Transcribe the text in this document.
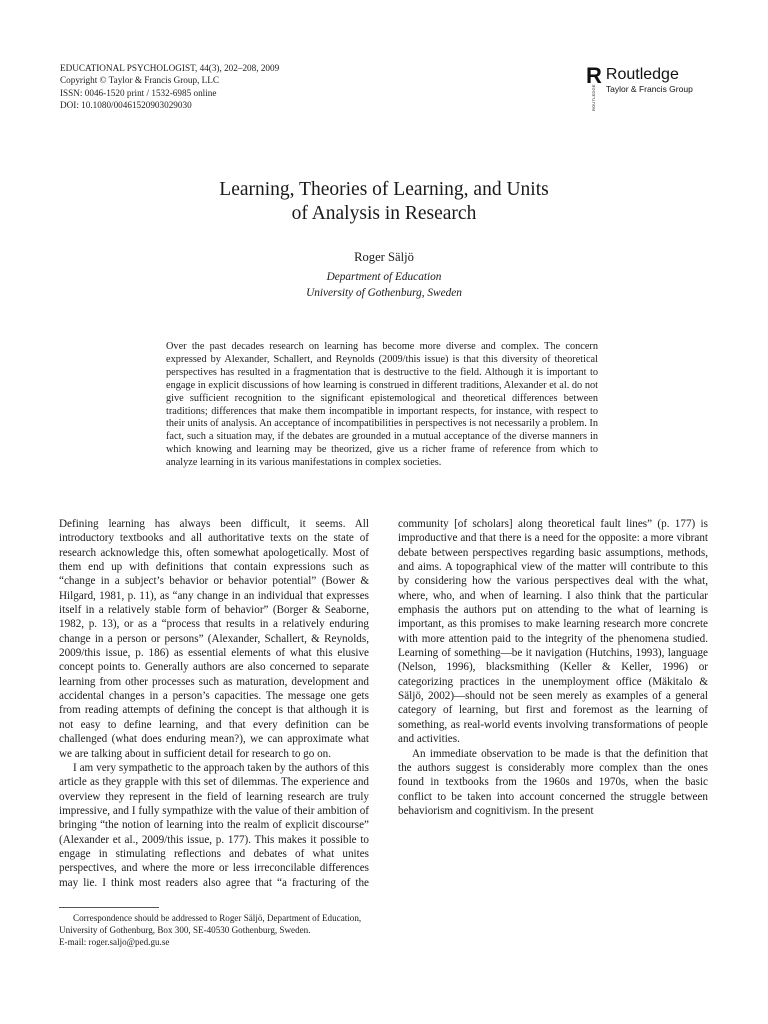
EDUCATIONAL PSYCHOLOGIST, 44(3), 202–208, 2009
Copyright © Taylor & Francis Group, LLC
ISSN: 0046-1520 print / 1532-6985 online
DOI: 10.1080/00461520903029030
R
ROUTLEDGE
Routledge
Taylor & Francis Group
Learning, Theories of Learning, and Units
of Analysis in Research
Roger Säljö
Department of Education
University of Gothenburg, Sweden

Over the past decades research on learning has become more diverse and complex. The concern expressed by Alexander, Schallert, and Reynolds (2009/this issue) is that this diversity of theoretical perspectives has resulted in a fragmentation that is destructive to the field. Although it is important to engage in explicit discussions of how learning is construed in different traditions, Alexander et al. do not give sufficient recognition to the significant epistemological and theoretical differences between traditions; differences that make them incompatible in important respects, for instance, with respect to their units of analysis. An acceptance of incompatibilities in perspectives is not necessarily a problem. In fact, such a situation may, if the debates are grounded in a mutual acceptance of the diverse manners in which knowing and learning may be theorized, give us a richer frame of reference from which to analyze learning in its various manifestations in complex societies.

Defining learning has always been difficult, it seems. All introductory textbooks and all authoritative texts on the state of research acknowledge this, often somewhat apologetically. Most of them end up with definitions that contain expressions such as “change in a subject’s behavior or behavior potential” (Bower & Hilgard, 1981, p. 11), as “any change in an individual that expresses itself in a relatively stable form of behavior” (Borger & Seaborne, 1982, p. 13), or as a “process that results in a relatively enduring change in a person or persons” (Alexander, Schallert, & Reynolds, 2009/this issue, p. 186) as essential elements of what this elusive concept points to. Generally authors are also concerned to separate learning from other processes such as maturation, development and accidental changes in a person’s capacities. The message one gets from reading attempts of defining the concept is that although it is not easy to define learning, and that every definition can be challenged (what does enduring mean?), we can approximate what we are talking about in sufficient detail for research to go on.

I am very sympathetic to the approach taken by the authors of this article as they grapple with this set of dilemmas. The experience and overview they represent in the field of learning research are truly impressive, and I fully sympathize with the value of their ambition of bringing “the notion of learning into the realm of explicit discourse” (Alexander et al., 2009/this issue, p. 177). This makes it possible to engage in stimulating reflections and debates of what unites perspectives, and where the more or less irreconcilable differences may lie. I think most readers also agree that “a fracturing of the

community [of scholars] along theoretical fault lines” (p. 177) is improductive and that there is a need for the opposite: a more vibrant debate between perspectives regarding basic assumptions, methods, and aims. A topographical view of the matter will contribute to this by considering how the various perspectives deal with the what, where, who, and when of learning. I also think that the particular emphasis the authors put on attending to the what of learning is important, as this promises to make learning research more concrete with more attention paid to the integrity of the phenomena studied. Learning of something—be it navigation (Hutchins, 1993), language (Nelson, 1996), blacksmithing (Keller & Keller, 1996) or categorizing practices in the unemployment office (Mäkitalo & Säljö, 2002)—should not be seen merely as examples of a general category of learning, but first and foremost as the learning of something, as real-world events involving transformations of people and activities.

An immediate observation to be made is that the definition that the authors suggest is considerably more complex than the ones found in textbooks from the 1960s and 1970s, when the basic conflict to be taken into account concerned the struggle between behaviorism and cognitivism. In the present

Correspondence should be addressed to Roger Säljö, Department of Education, University of Gothenburg, Box 300, SE-40530 Gothenburg, Sweden.
E-mail: roger.saljo@ped.gu.se
